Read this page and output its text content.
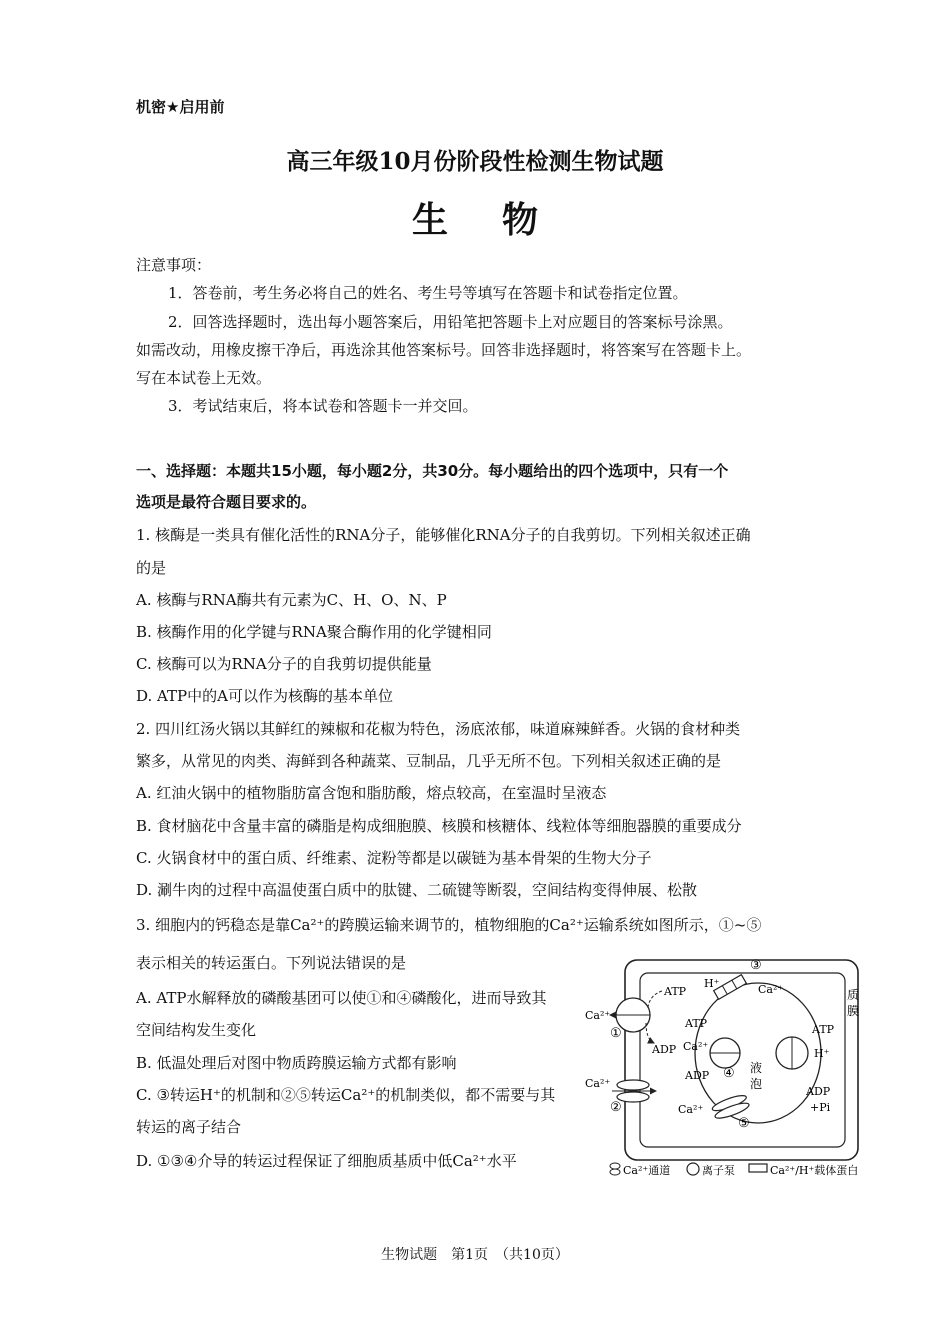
机密★启用前
高三年级10月份阶段性检测生物试题
生物
注意事项：
1．答卷前，考生务必将自己的姓名、考生号等填写在答题卡和试卷指定位置。
2．回答选择题时，选出每小题答案后，用铅笔把答题卡上对应题目的答案标号涂黑。
如需改动，用橡皮擦干净后，再选涂其他答案标号。回答非选择题时，将答案写在答题卡上。
写在本试卷上无效。
3．考试结束后，将本试卷和答题卡一并交回。
一、选择题：本题共15小题，每小题2分，共30分。每小题给出的四个选项中，只有一个
选项是最符合题目要求的。
1. 核酶是一类具有催化活性的RNA分子，能够催化RNA分子的自我剪切。下列相关叙述正确
的是
A. 核酶与RNA酶共有元素为C、H、O、N、P
B. 核酶作用的化学键与RNA聚合酶作用的化学键相同
C. 核酶可以为RNA分子的自我剪切提供能量
D. ATP中的A可以作为核酶的基本单位
2. 四川红汤火锅以其鲜红的辣椒和花椒为特色，汤底浓郁，味道麻辣鲜香。火锅的食材种类
繁多，从常见的肉类、海鲜到各种蔬菜、豆制品，几乎无所不包。下列相关叙述正确的是
A. 红油火锅中的植物脂肪富含饱和脂肪酸，熔点较高，在室温时呈液态
B. 食材脑花中含量丰富的磷脂是构成细胞膜、核膜和核糖体、线粒体等细胞器膜的重要成分
C. 火锅食材中的蛋白质、纤维素、淀粉等都是以碳链为基本骨架的生物大分子
D. 涮牛肉的过程中高温使蛋白质中的肽键、二硫键等断裂，空间结构变得伸展、松散
3. 细胞内的钙稳态是靠Ca²⁺的跨膜运输来调节的，植物细胞的Ca²⁺运输系统如图所示，①~⑤
表示相关的转运蛋白。下列说法错误的是
A. ATP水解释放的磷酸基团可以使①和④磷酸化，进而导致其
空间结构发生变化
B. 低温处理后对图中物质跨膜运输方式都有影响
C. ③转运H⁺的机制和②⑤转运Ca²⁺的机制类似，都不需要与其
转运的离子结合
D. ①③④介导的转运过程保证了细胞质基质中低Ca²⁺水平
质
膜
液
泡
Ca²⁺
①
ATP
ADP
Ca²⁺
②
H⁺
③
Ca²⁺
Ca²⁺
④
ATP
ADP
H⁺
ATP
ADP
+Pi
Ca²⁺
⑤
Ca²⁺通道	离子泵	Ca²⁺/H⁺载体蛋白
生物试题　第1页　（共10页）
